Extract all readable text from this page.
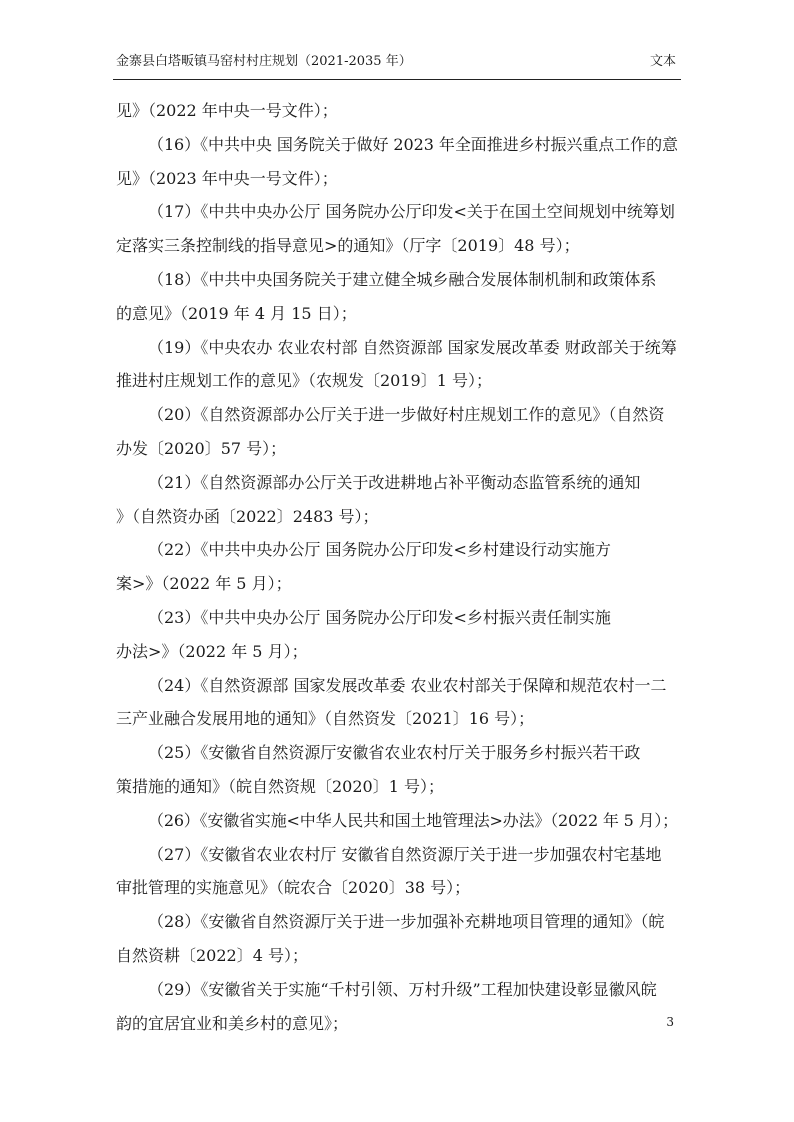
金寨县白塔畈镇马窑村村庄规划（2021-2035 年）	文本
见》（2022 年中央一号文件）；
（16）《中共中央 国务院关于做好 2023 年全面推进乡村振兴重点工作的意
见》（2023 年中央一号文件）；
（17）《中共中央办公厅 国务院办公厅印发<关于在国土空间规划中统筹划
定落实三条控制线的指导意见>的通知》（厅字〔2019〕48 号）；
（18）《中共中央国务院关于建立健全城乡融合发展体制机制和政策体系
的意见》（2019 年 4 月 15 日）；
（19）《中央农办 农业农村部 自然资源部 国家发展改革委 财政部关于统筹
推进村庄规划工作的意见》（农规发〔2019〕1 号）；
（20）《自然资源部办公厅关于进一步做好村庄规划工作的意见》（自然资
办发〔2020〕57 号）；
（21）《自然资源部办公厅关于改进耕地占补平衡动态监管系统的通知
》（自然资办函〔2022〕2483 号）；
（22）《中共中央办公厅 国务院办公厅印发<乡村建设行动实施方
案>》（2022 年 5 月）；
（23）《中共中央办公厅 国务院办公厅印发<乡村振兴责任制实施
办法>》（2022 年 5 月）；
（24）《自然资源部 国家发展改革委 农业农村部关于保障和规范农村一二
三产业融合发展用地的通知》（自然资发〔2021〕16 号）；
（25）《安徽省自然资源厅安徽省农业农村厅关于服务乡村振兴若干政
策措施的通知》（皖自然资规〔2020〕1 号）；
（26）《安徽省实施<中华人民共和国土地管理法>办法》（2022 年 5 月）；
（27）《安徽省农业农村厅 安徽省自然资源厅关于进一步加强农村宅基地
审批管理的实施意见》（皖农合〔2020〕38 号）；
（28）《安徽省自然资源厅关于进一步加强补充耕地项目管理的通知》（皖
自然资耕〔2022〕4 号）；
（29）《安徽省关于实施“千村引领、万村升级”工程加快建设彰显徽风皖
韵的宜居宜业和美乡村的意见》；	3
